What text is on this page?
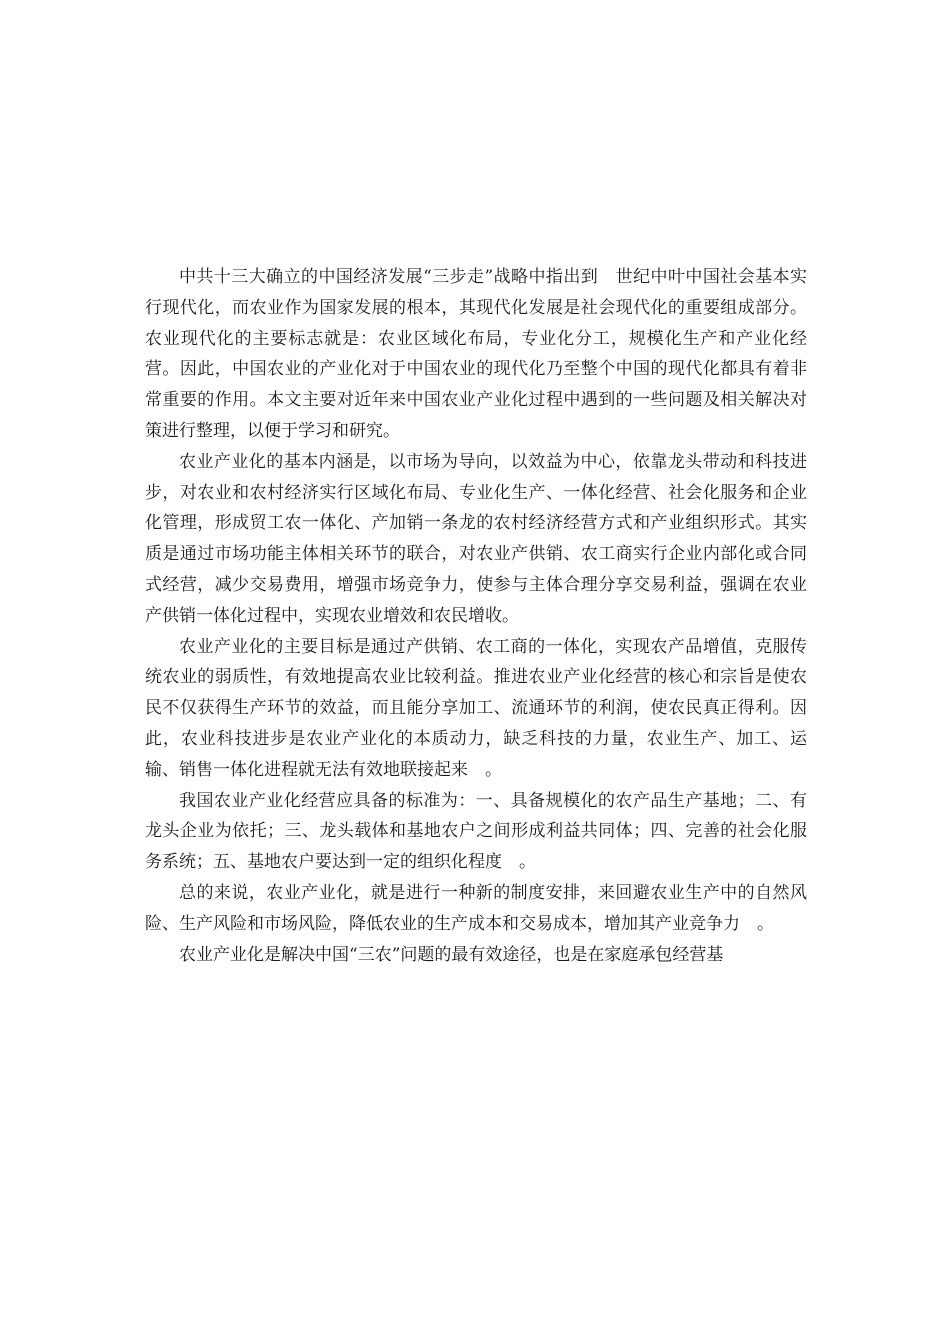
中共十三大确立的中国经济发展“三步走”战略中指出到　世纪中叶中国社会基本实行现代化，而农业作为国家发展的根本，其现代化发展是社会现代化的重要组成部分。农业现代化的主要标志就是：农业区域化布局，专业化分工，规模化生产和产业化经营。因此，中国农业的产业化对于中国农业的现代化乃至整个中国的现代化都具有着非常重要的作用。本文主要对近年来中国农业产业化过程中遇到的一些问题及相关解决对策进行整理，以便于学习和研究。

农业产业化的基本内涵是，以市场为导向，以效益为中心，依靠龙头带动和科技进步，对农业和农村经济实行区域化布局、专业化生产、一体化经营、社会化服务和企业化管理，形成贸工农一体化、产加销一条龙的农村经济经营方式和产业组织形式。其实质是通过市场功能主体相关环节的联合，对农业产供销、农工商实行企业内部化或合同式经营，减少交易费用，增强市场竞争力，使参与主体合理分享交易利益，强调在农业产供销一体化过程中，实现农业增效和农民增收。

农业产业化的主要目标是通过产供销、农工商的一体化，实现农产品增值，克服传统农业的弱质性，有效地提高农业比较利益。推进农业产业化经营的核心和宗旨是使农民不仅获得生产环节的效益，而且能分享加工、流通环节的利润，使农民真正得利。因此，农业科技进步是农业产业化的本质动力，缺乏科技的力量，农业生产、加工、运输、销售一体化进程就无法有效地联接起来　。

我国农业产业化经营应具备的标准为：一、具备规模化的农产品生产基地；二、有龙头企业为依托；三、龙头载体和基地农户之间形成利益共同体；四、完善的社会化服务系统；五、基地农户要达到一定的组织化程度　。

总的来说，农业产业化，就是进行一种新的制度安排，来回避农业生产中的自然风险、生产风险和市场风险，降低农业的生产成本和交易成本，增加其产业竞争力　。

农业产业化是解决中国“三农”问题的最有效途径，也是在家庭承包经营基
